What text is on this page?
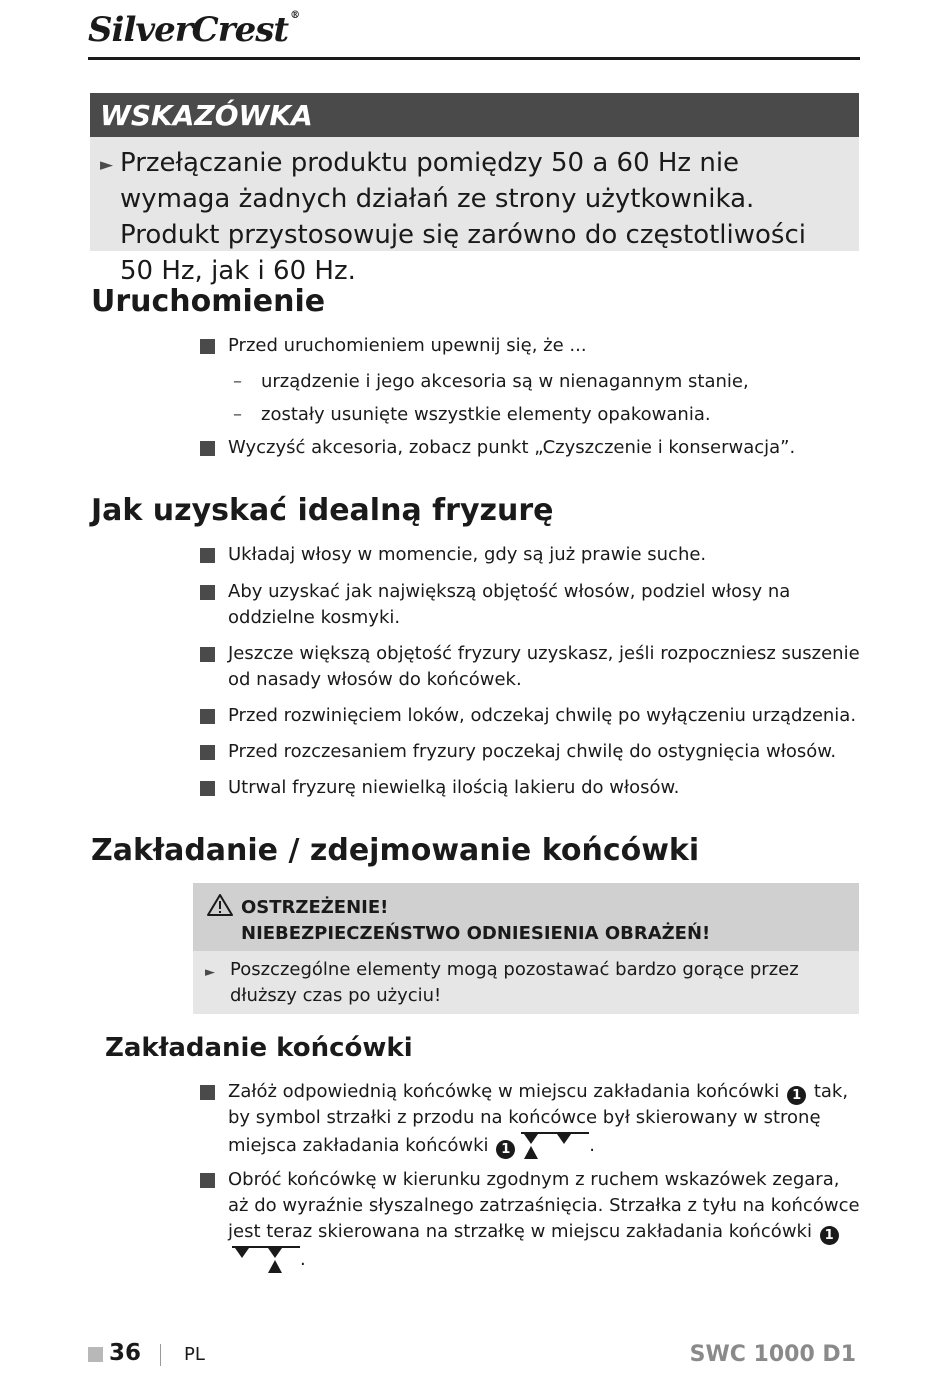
SilverCrest ®
WSKAZÓWKA
► Przełączanie produktu pomiędzy 50 a 60 Hz nie wymaga żadnych działań ze strony użytkownika. Produkt przystosowuje się zarówno do częstotliwości 50 Hz, jak i 60 Hz.
Uruchomienie
Przed uruchomieniem upewnij się, że ...
– urządzenie i jego akcesoria są w nienagannym stanie,
– zostały usunięte wszystkie elementy opakowania.
Wyczyść akcesoria, zobacz punkt „Czyszczenie i konserwacja”.
Jak uzyskać idealną fryzurę
Układaj włosy w momencie, gdy są już prawie suche.
Aby uzyskać jak największą objętość włosów, podziel włosy na oddzielne kosmyki.
Jeszcze większą objętość fryzury uzyskasz, jeśli rozpoczniesz suszenie od nasady włosów do końcówek.
Przed rozwinięciem loków, odczekaj chwilę po wyłączeniu urządzenia.
Przed rozczesaniem fryzury poczekaj chwilę do ostygnięcia włosów.
Utrwal fryzurę niewielką ilością lakieru do włosów.
Zakładanie / zdejmowanie końcówki
OSTRZEŻENIE!
NIEBEZPIECZEŃSTWO ODNIESIENIA OBRAŻEŃ!
► Poszczególne elementy mogą pozostawać bardzo gorące przez dłuższy czas po użyciu!
Zakładanie końcówki
Załóż odpowiednią końcówkę w miejscu zakładania końcówki 1 tak, by symbol strzałki z przodu na końcówce był skierowany w stronę miejsca zakładania końcówki 1	.
Obróć końcówkę w kierunku zgodnym z ruchem wskazówek zegara, aż do wyraźnie słyszalnego zatrzaśnięcia. Strzałka z tyłu na końcówce jest teraz skierowana na strzałkę w miejscu zakładania końcówki 1.
36 PL	SWC 1000 D1
